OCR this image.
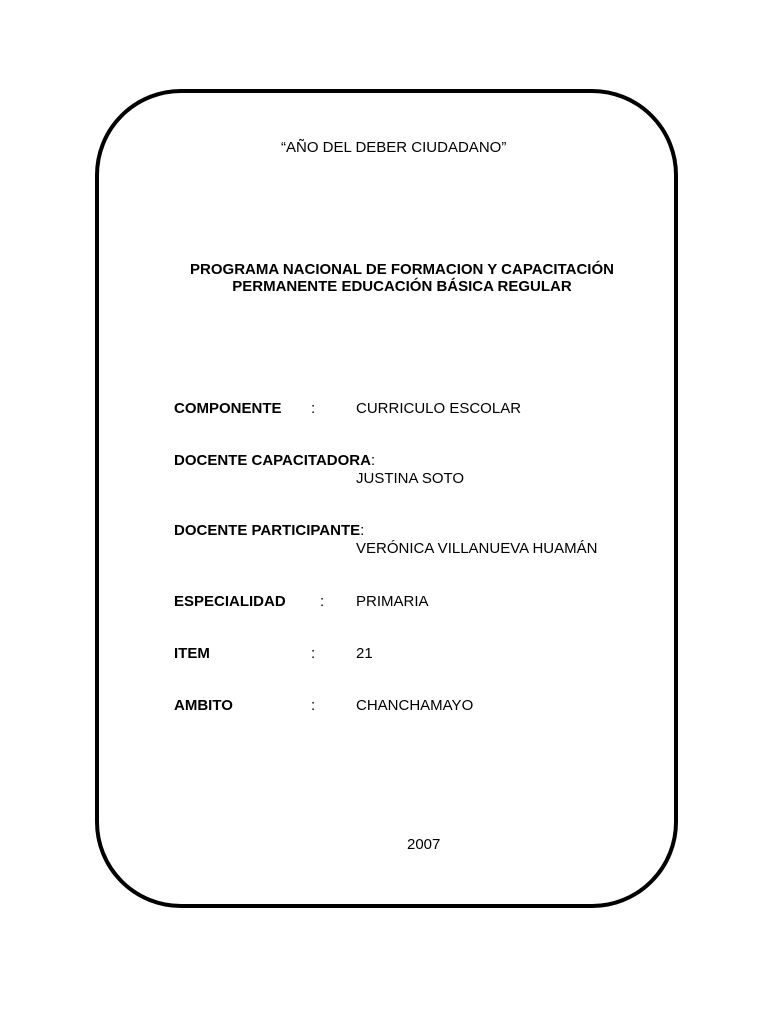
“AÑO DEL DEBER CIUDADANO”
PROGRAMA NACIONAL DE FORMACION Y CAPACITACIÓN
PERMANENTE EDUCACIÓN BÁSICA REGULAR
COMPONENTE :	CURRICULO ESCOLAR
DOCENTE CAPACITADORA:
JUSTINA SOTO
DOCENTE PARTICIPANTE:
VERÓNICA VILLANUEVA HUAMÁN
ESPECIALIDAD : PRIMARIA
ITEM	:	21
AMBITO	:	CHANCHAMAYO
2007
